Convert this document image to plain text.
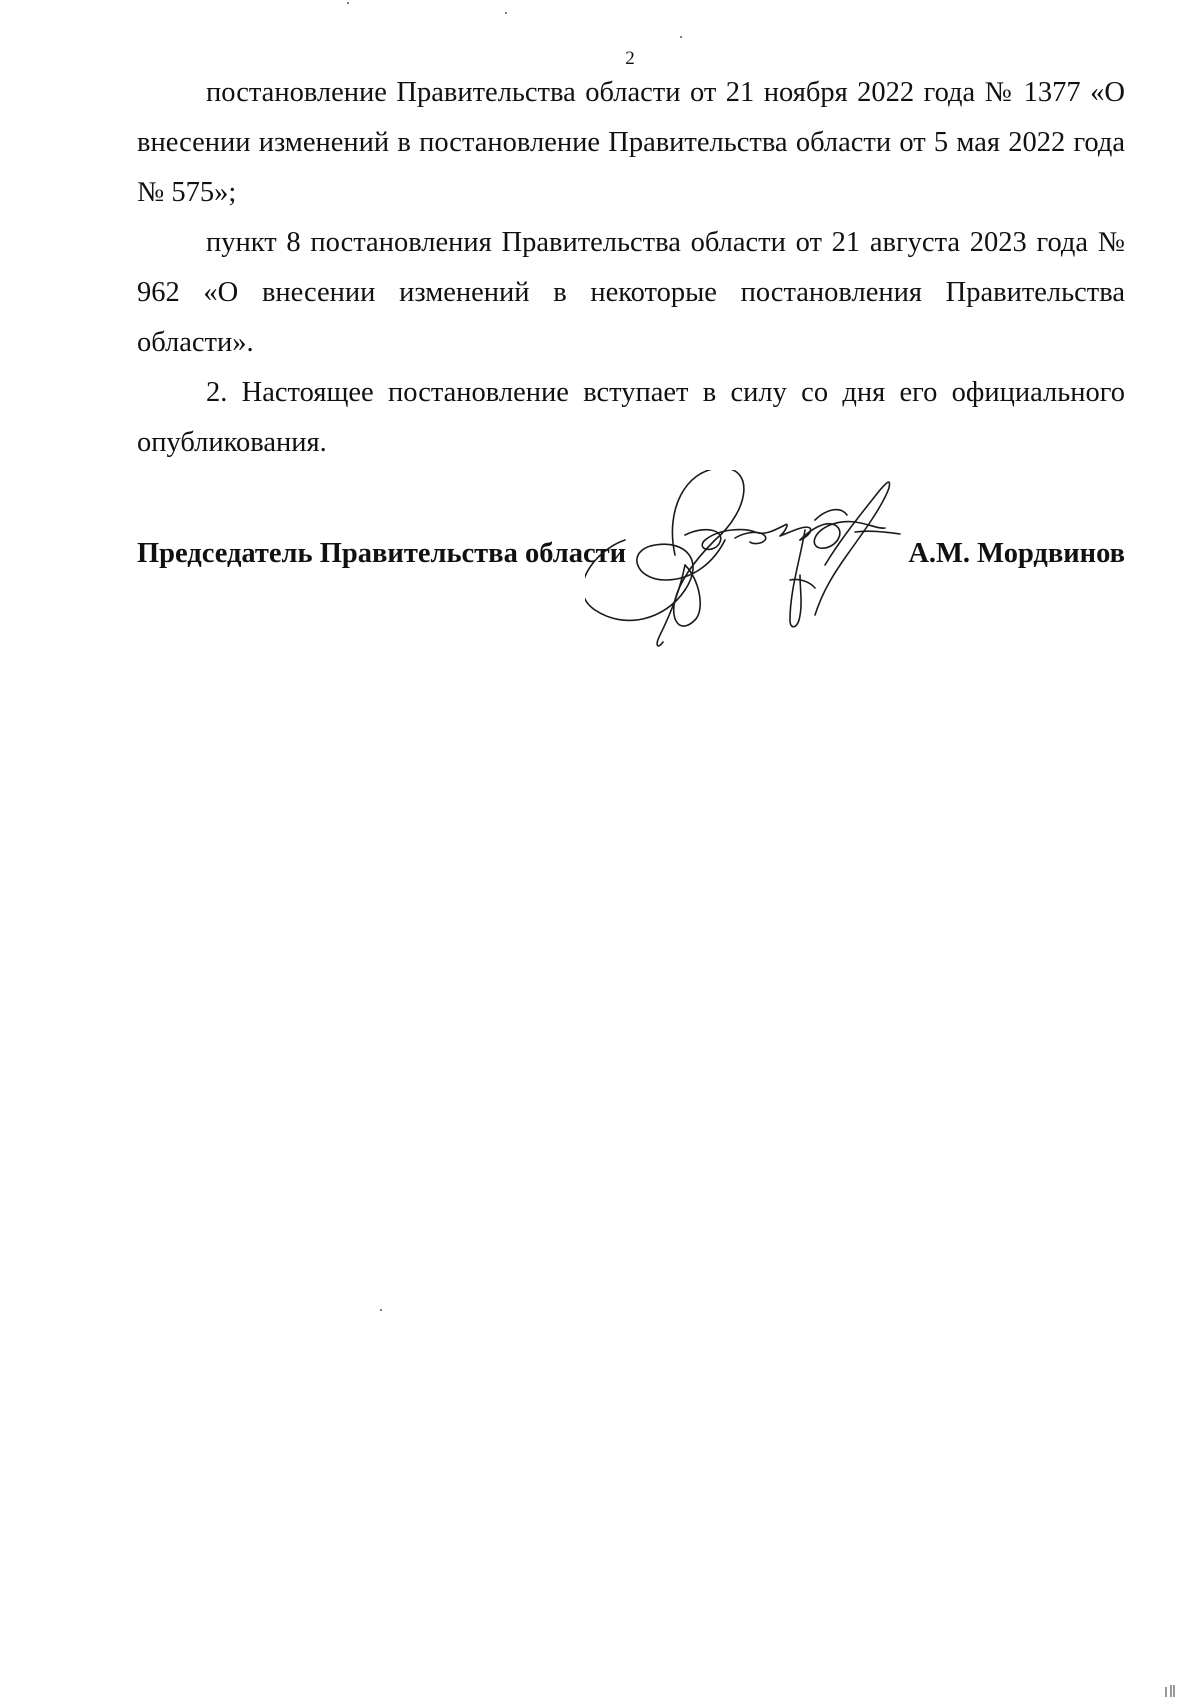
2

постановление Правительства области от 21 ноября 2022 года № 1377 «О внесении изменений в постановление Правительства области от 5 мая 2022 года № 575»;

пункт 8 постановления Правительства области от 21 августа 2023 года № 962 «О внесении изменений в некоторые постановления Правительства области».

2. Настоящее постановление вступает в силу со дня его официального опубликования.

Председатель Правительства области	А.М. Мордвинов
